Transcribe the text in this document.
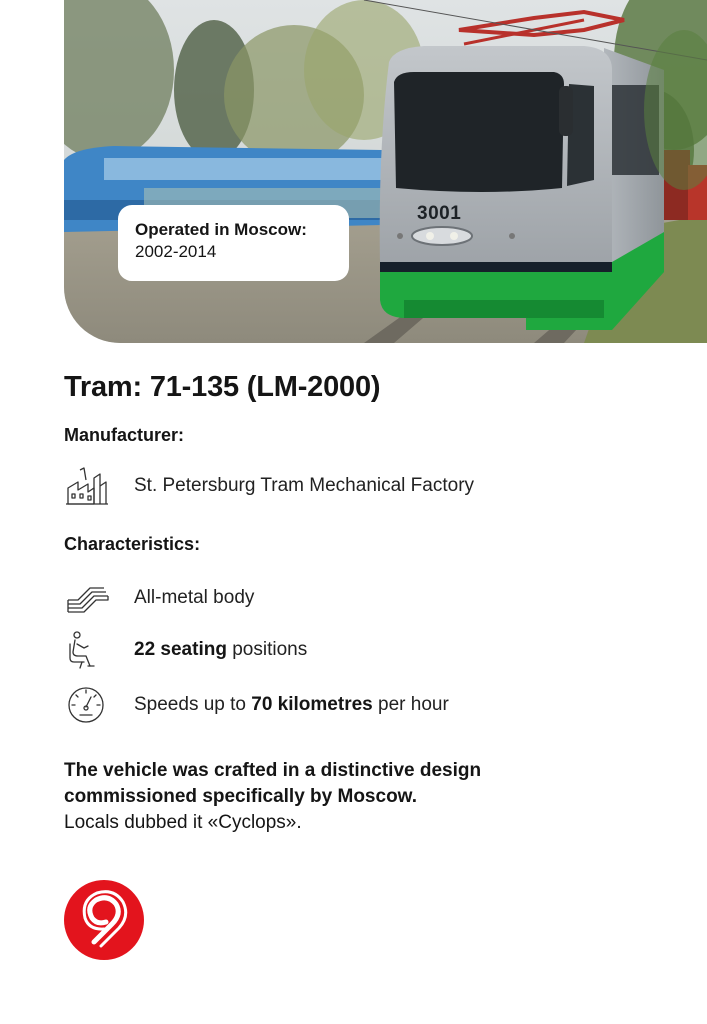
3001
Operated in Moscow:
2002-2014
Tram: 71-135 (LM-2000)
Manufacturer:
St. Petersburg Tram Mechanical Factory
Characteristics:
All-metal body
22 seating positions
Speeds up to 70 kilometres per hour
The vehicle was crafted in a distinctive design
commissioned specifically by Moscow.
Locals dubbed it «Cyclops».
